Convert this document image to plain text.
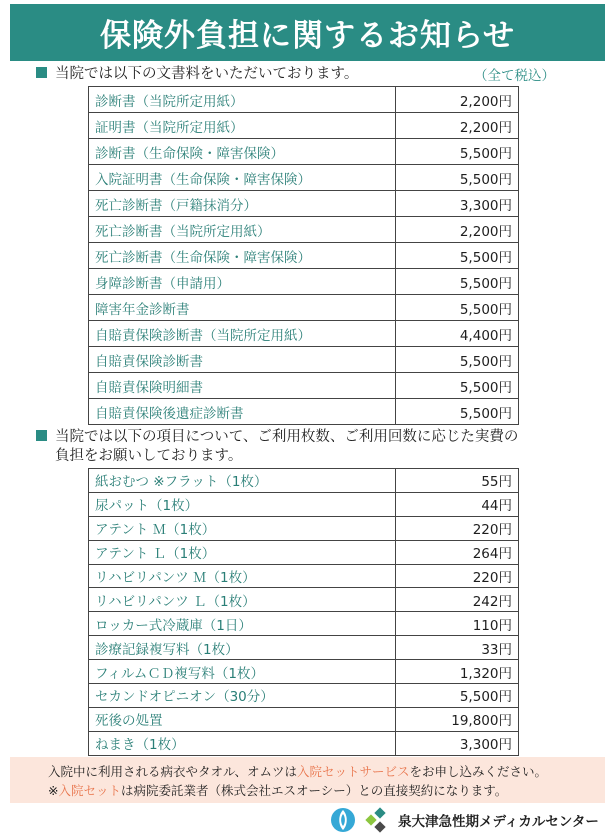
保険外負担に関するお知らせ
当院では以下の文書料をいただいております。	（全て税込）
診断書（当院所定用紙）	2,200円
証明書（当院所定用紙）	2,200円
診断書（生命保険・障害保険）	5,500円
入院証明書（生命保険・障害保険）	5,500円
死亡診断書（戸籍抹消分）	3,300円
死亡診断書（当院所定用紙）	2,200円
死亡診断書（生命保険・障害保険）	5,500円
身障診断書（申請用）	5,500円
障害年金診断書	5,500円
自賠責保険診断書（当院所定用紙）	4,400円
自賠責保険診断書	5,500円
自賠責保険明細書	5,500円
自賠責保険後遺症診断書	5,500円
当院では以下の項目について、ご利用枚数、ご利用回数に応じた実費の
負担をお願いしております。
紙おむつ ※フラット（1枚）	55円
尿パット（1枚）	44円
アテント Ｍ（1枚）	220円
アテント Ｌ（1枚）	264円
リハビリパンツ Ｍ（1枚）	220円
リハビリパンツ Ｌ（1枚）	242円
ロッカー式冷蔵庫（1日）	110円
診療記録複写料（1枚）	33円
フィルムＣＤ複写料（1枚）	1,320円
セカンドオピニオン（30分）	5,500円
死後の処置	19,800円
ねまき（1枚）	3,300円
入院中に利用される病衣やタオル、オムツは入院セットサービスをお申し込みください。
※入院セットは病院委託業者（株式会社エスオーシー）との直接契約になります。
泉大津急性期メディカルセンター
